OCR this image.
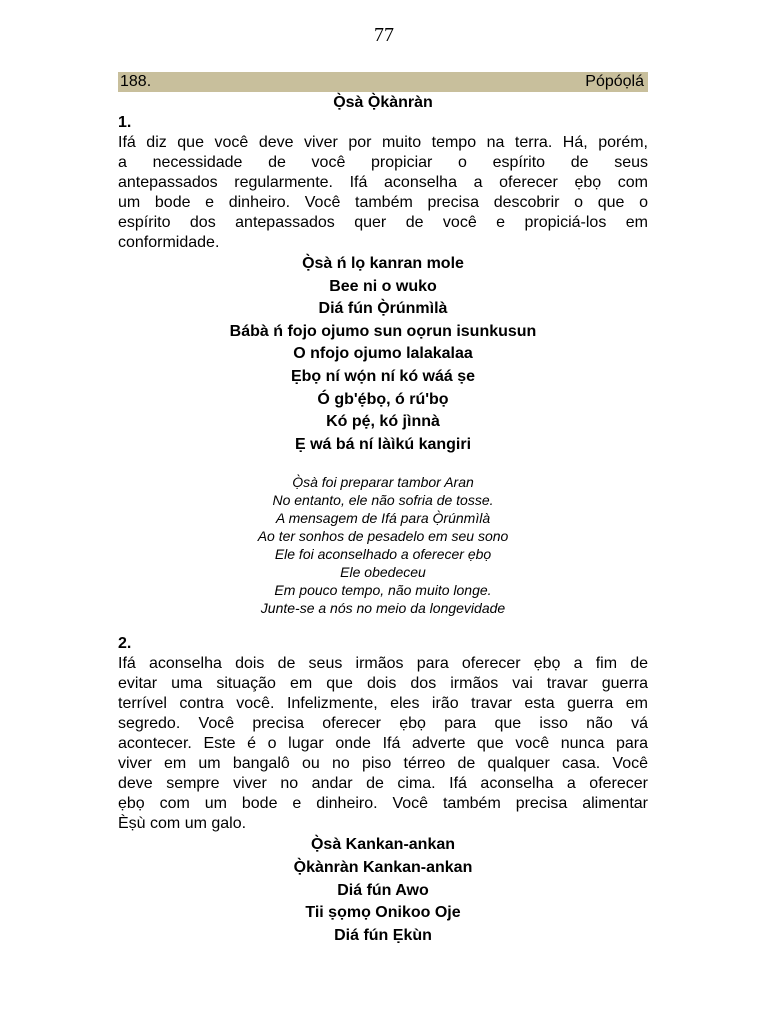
77
188.	Pópóọlá
Ọ̀sà Ọ̀kànràn
1.
Ifá diz que você deve viver por muito tempo na terra. Há, porém,
a necessidade de você propiciar o espírito de seus
antepassados regularmente. Ifá aconselha a oferecer ẹbọ com
um bode e dinheiro. Você também precisa descobrir o que o
espírito dos antepassados quer de você e propiciá-los em
conformidade.
Ọ̀sà ń lọ kanran mole
Bee ni o wuko
Diá fún Ọ̀rúnmìlà
Bábà ń fojo ojumo sun oọrun isunkusun
O nfojo ojumo lalakalaa
Ẹbọ ní wọ́n ní kó wáá ṣe
Ó gb'ẹ́bọ, ó rú'bọ
Kó pẹ́, kó jìnnà
Ẹ wá bá ní làìkú kangiri
Ọ̀sà foi preparar tambor Aran
No entanto, ele não sofria de tosse.
A mensagem de Ifá para Ọ̀rúnmìlà
Ao ter sonhos de pesadelo em seu sono
Ele foi aconselhado a oferecer ẹbọ
Ele obedeceu
Em pouco tempo, não muito longe.
Junte-se a nós no meio da longevidade
2.
Ifá aconselha dois de seus irmãos para oferecer ẹbọ a fim de
evitar uma situação em que dois dos irmãos vai travar guerra
terrível contra você. Infelizmente, eles irão travar esta guerra em
segredo. Você precisa oferecer ẹbọ para que isso não vá
acontecer. Este é o lugar onde Ifá adverte que você nunca para
viver em um bangalô ou no piso térreo de qualquer casa. Você
deve sempre viver no andar de cima. Ifá aconselha a oferecer
ẹbọ com um bode e dinheiro. Você também precisa alimentar
Èṣù com um galo.
Ọ̀sà Kankan-ankan
Ọ̀kànràn Kankan-ankan
Diá fún Awo
Tii ṣọmọ Onikoo Oje
Diá fún Ẹkùn
